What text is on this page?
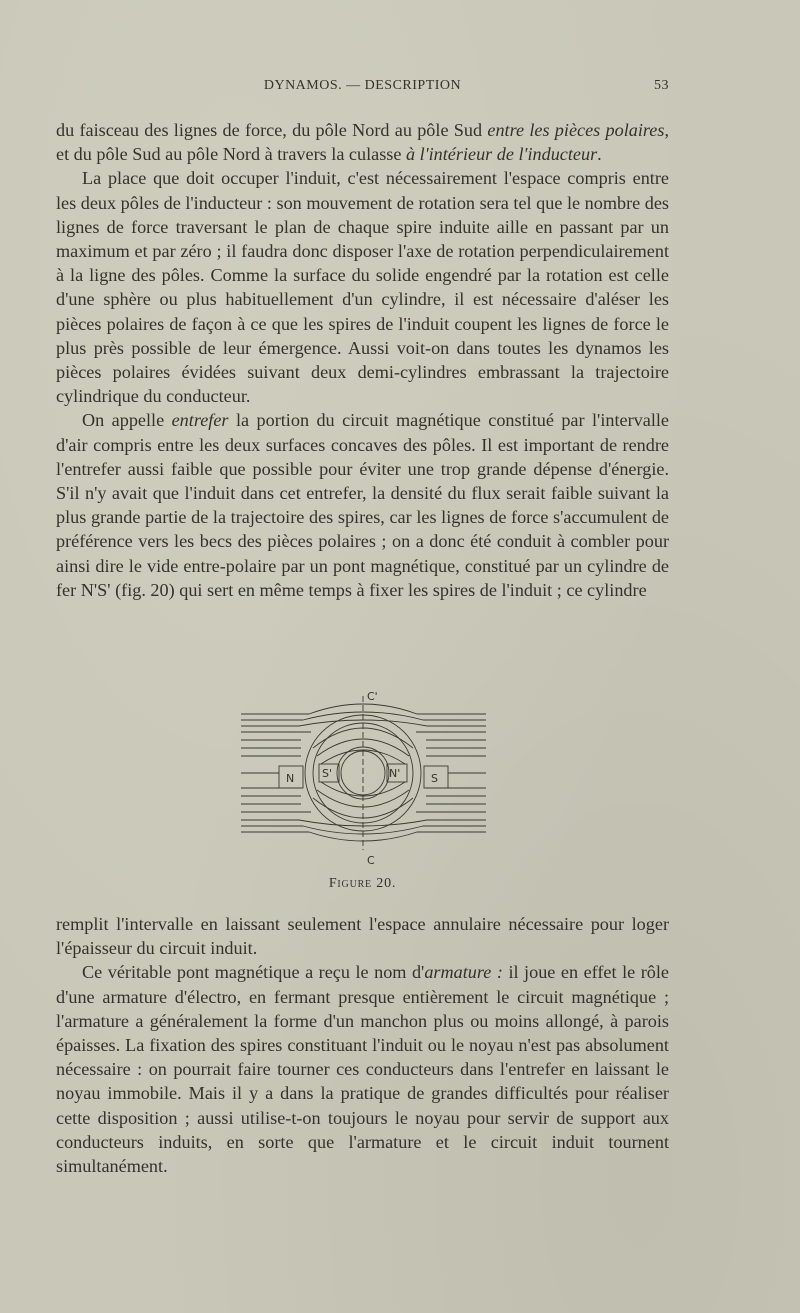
DYNAMOS. — DESCRIPTION	53

du faisceau des lignes de force, du pôle Nord au pôle Sud entre les pièces polaires, et du pôle Sud au pôle Nord à travers la culasse à l'intérieur de l'inducteur.

La place que doit occuper l'induit, c'est nécessairement l'espace compris entre les deux pôles de l'inducteur : son mouvement de rotation sera tel que le nombre des lignes de force traversant le plan de chaque spire induite aille en passant par un maximum et par zéro ; il faudra donc disposer l'axe de rotation perpendiculairement à la ligne des pôles. Comme la surface du solide engendré par la rotation est celle d'une sphère ou plus habituellement d'un cylindre, il est nécessaire d'aléser les pièces polaires de façon à ce que les spires de l'induit coupent les lignes de force le plus près possible de leur émergence. Aussi voit-on dans toutes les dynamos les pièces polaires évidées suivant deux demi-cylindres embrassant la trajectoire cylindrique du conducteur.

On appelle entrefer la portion du circuit magnétique constitué par l'intervalle d'air compris entre les deux surfaces concaves des pôles. Il est important de rendre l'entrefer aussi faible que possible pour éviter une trop grande dépense d'énergie. S'il n'y avait que l'induit dans cet entrefer, la densité du flux serait faible suivant la plus grande partie de la trajectoire des spires, car les lignes de force s'accumulent de préférence vers les becs des pièces polaires ; on a donc été conduit à combler pour ainsi dire le vide entre-polaire par un pont magnétique, constitué par un cylindre de fer N'S' (fig. 20) qui sert en même temps à fixer les spires de l'induit ; ce cylindre

C'
C
N	S
S'	N'
Figure 20.

remplit l'intervalle en laissant seulement l'espace annulaire nécessaire pour loger l'épaisseur du circuit induit.

Ce véritable pont magnétique a reçu le nom d'armature : il joue en effet le rôle d'une armature d'électro, en fermant presque entièrement le circuit magnétique ; l'armature a généralement la forme d'un manchon plus ou moins allongé, à parois épaisses. La fixation des spires constituant l'induit ou le noyau n'est pas absolument nécessaire : on pourrait faire tourner ces conducteurs dans l'entrefer en laissant le noyau immobile. Mais il y a dans la pratique de grandes difficultés pour réaliser cette disposition ; aussi utilise-t-on toujours le noyau pour servir de support aux conducteurs induits, en sorte que l'armature et le circuit induit tournent simultanément.
